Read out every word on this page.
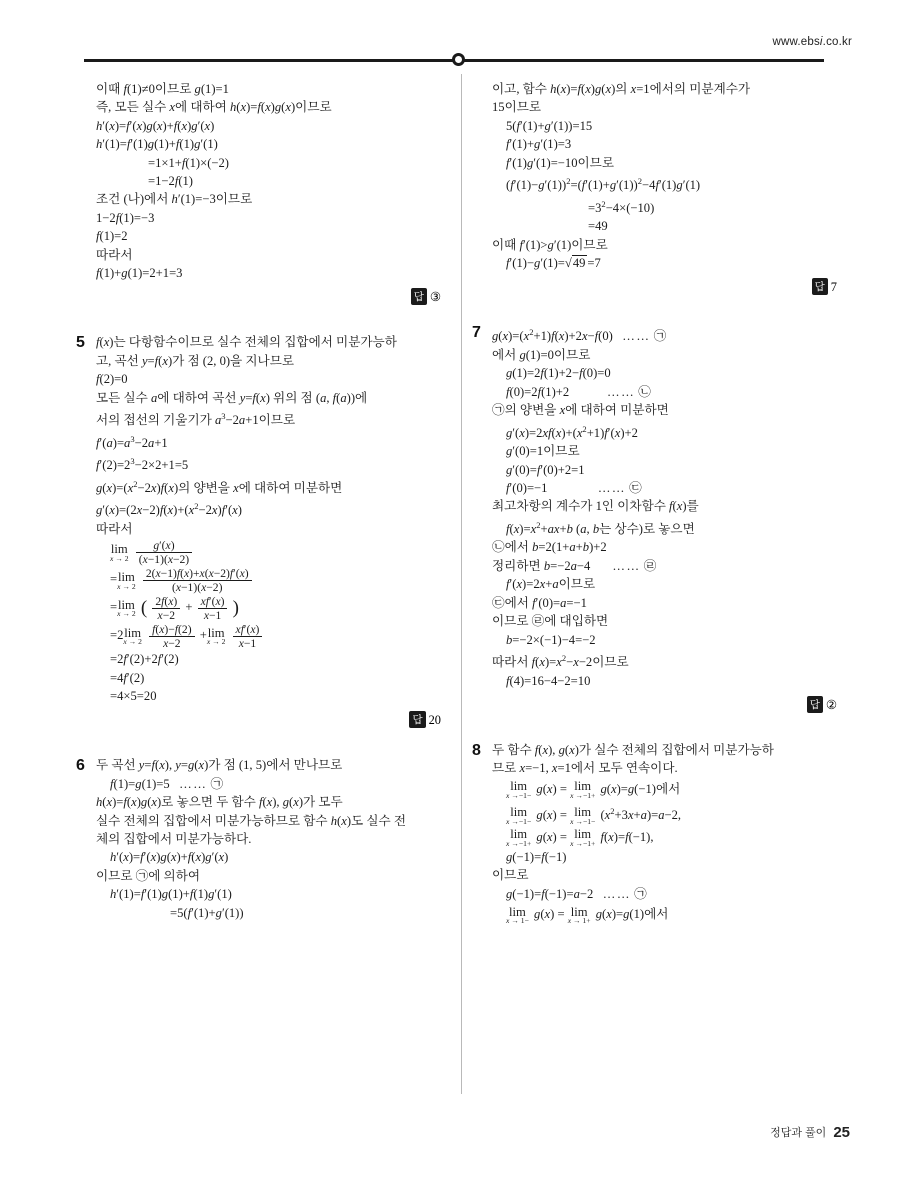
www.ebsi.co.kr
이때 f(1)≠0이므로 g(1)=1
즉, 모든 실수 x에 대하여 h(x)=f(x)g(x)이므로
h′(x)=f′(x)g(x)+f(x)g′(x)
h′(1)=f′(1)g(1)+f(1)g′(1)
=1×1+f(1)×(−2)
=1−2f(1)
조건 (나)에서 h′(1)=−3이므로
1−2f(1)=−3
f(1)=2
따라서
f(1)+g(1)=2+1=3
답 ③
5 f(x)는 다항함수이므로 실수 전체의 집합에서 미분가능하
고, 곡선 y=f(x)가 점 (2, 0)을 지나므로
f(2)=0
모든 실수 a에 대하여 곡선 y=f(x) 위의 점 (a, f(a))에
서의 접선의 기울기가 $a^3-2a+1$이므로
$f'(a)=a^3-2a+1$
$f'(2)=2^3-2\times 2+1=5$
$g(x)=(x^2-2x)f(x)$의 양변을 x에 대하여 미분하면
$g'(x)=(2x-2)f(x)+(x^2-2x)f'(x)$
따라서
lim
x → 2
$\frac{g'(x)}{(x-1)(x-2)}$
=lim
x → 2
$\frac{2(x-1)f(x)+x(x-2)f'(x)}{(x-1)(x-2)}$
=lim
x → 2 ( $\frac{2f(x)}{x-2} + \frac{xf'(x)}{x-1}$ )
=2lim
x → 2
$\frac{f(x)-f(2)}{x-2} +\lim$
x → 2
$\frac{xf'(x)}{x-1}$
=2f′(2)+2f′(2)
=4f′(2)
=4×5=20
답 20
6 두 곡선 y=f(x), y=g(x)가 점 (1, 5)에서 만나므로
f(1)=g(1)=5   …… ㉠
h(x)=f(x)g(x)로 놓으면 두 함수 f(x), g(x)가 모두
실수 전체의 집합에서 미분가능하므로 함수 h(x)도 실수 전
체의 집합에서 미분가능하다.
h′(x)=f′(x)g(x)+f(x)g′(x)
이므로 ㉠에 의하여
h′(1)=f′(1)g(1)+f(1)g′(1)
=5(f′(1)+g′(1))
이고, 함수 h(x)=f(x)g(x)의 x=1에서의 미분계수가
15이므로
5(f′(1)+g′(1))=15
f′(1)+g′(1)=3
f′(1)g′(1)=−10이므로
$(f'(1)-g'(1))^2=(f'(1)+g'(1))^2-4f'(1)g'(1)$
$=3^2-4\times(-10)$
=49
이때 f′(1)>g′(1)이므로
f′(1)−g′(1)=√49 =7
답 7
7 $g(x)=(x^2+1)f(x)+2x-f(0)$   …… ㉠
에서 g(1)=0이므로
g(1)=2f(1)+2−f(0)=0
f(0)=2f(1)+2            …… ㉡
㉠의 양변을 x에 대하여 미분하면
$g'(x)=2xf(x)+(x^2+1)f'(x)+2$
g′(0)=1이므로
g′(0)=f′(0)+2=1
f′(0)=−1                …… ㉢
최고차항의 계수가 1인 이차함수 f(x)를
$f(x)=x^2+ax+b$ (a, b는 상수)로 놓으면
㉡에서 b=2(1+a+b)+2
정리하면 b=−2a−4       …… ㉣
f′(x)=2x+a이므로
㉢에서 f′(0)=a=−1
이므로 ㉣에 대입하면
b=−2×(−1)−4=−2
따라서 $f(x)=x^2-x-2$이므로
f(4)=16−4−2=10
답 ②
8 두 함수 f(x), g(x)가 실수 전체의 집합에서 미분가능하
므로 x=−1, x=1에서 모두 연속이다.
lim
x →−1− g(x) = lim
x →−1+ g(x)=g(−1)에서
lim
x →−1− g(x) = lim
$x \to-1- (x^2+3x+a)=a-2$,
lim
x →−1+ g(x) = lim
x →−1+ f(x)=f(−1),
g(−1)=f(−1)
이므로
g(−1)=f(−1)=a−2   …… ㉠
lim
x → 1− g(x) = lim
x → 1+ g(x)=g(1)에서
정답과 풀이 25
